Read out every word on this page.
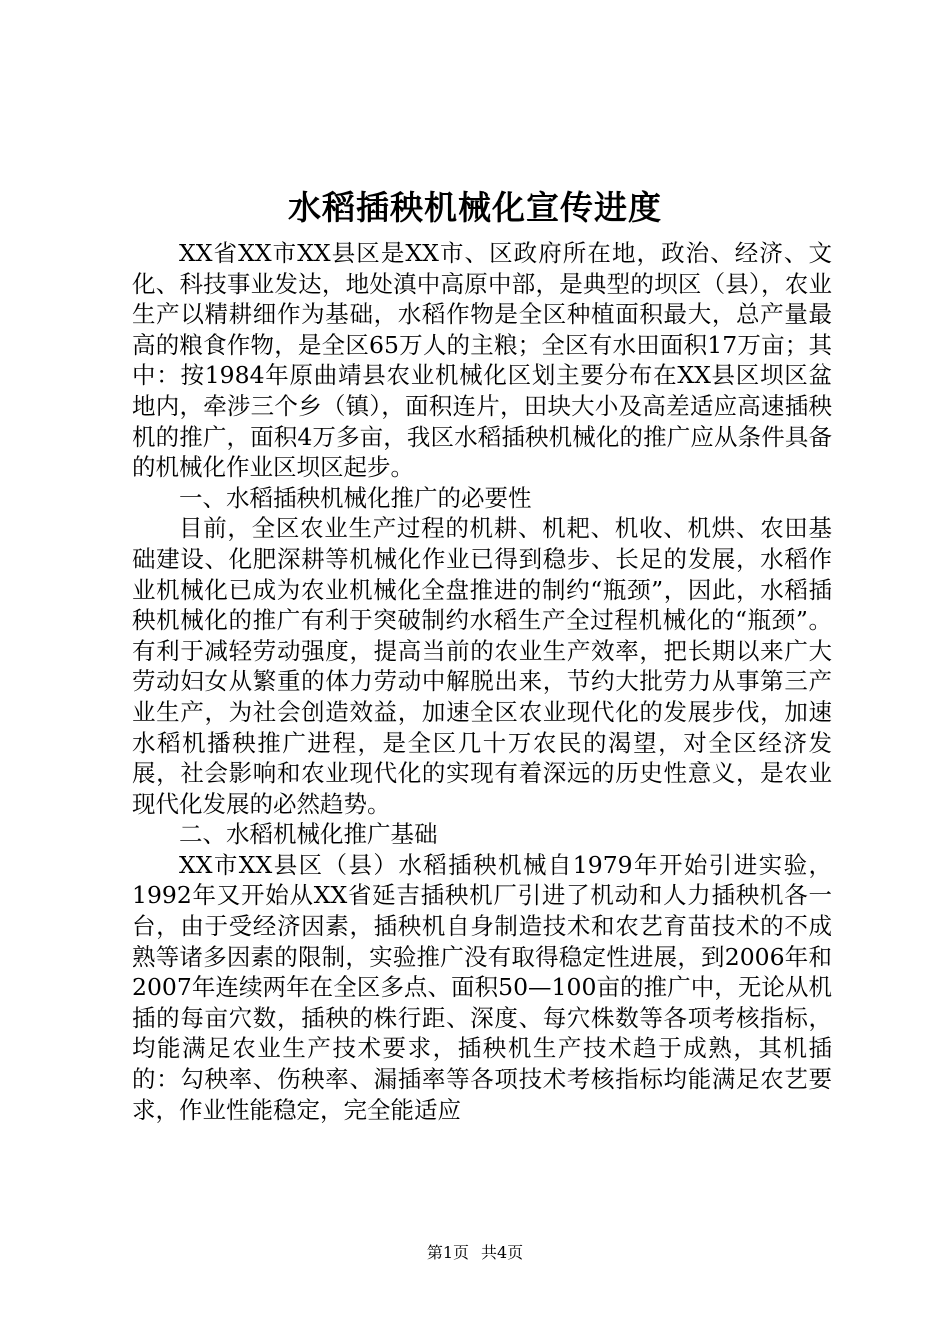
水稻插秧机械化宣传进度

XX省XX市XX县区是XX市、区政府所在地，政治、经济、文化、科技事业发达，地处滇中高原中部，是典型的坝区（县），农业生产以精耕细作为基础，水稻作物是全区种植面积最大，总产量最高的粮食作物，是全区65万人的主粮；全区有水田面积17万亩；其中：按1984年原曲靖县农业机械化区划主要分布在XX县区坝区盆地内，牵涉三个乡（镇），面积连片，田块大小及高差适应高速插秧机的推广，面积4万多亩，我区水稻插秧机械化的推广应从条件具备的机械化作业区坝区起步。

一、水稻插秧机械化推广的必要性

目前，全区农业生产过程的机耕、机耙、机收、机烘、农田基础建设、化肥深耕等机械化作业已得到稳步、长足的发展，水稻作业机械化已成为农业机械化全盘推进的制约“瓶颈”，因此，水稻插秧机械化的推广有利于突破制约水稻生产全过程机械化的“瓶颈”。有利于减轻劳动强度，提高当前的农业生产效率，把长期以来广大劳动妇女从繁重的体力劳动中解脱出来，节约大批劳力从事第三产业生产，为社会创造效益，加速全区农业现代化的发展步伐，加速水稻机播秧推广进程，是全区几十万农民的渴望，对全区经济发展，社会影响和农业现代化的实现有着深远的历史性意义，是农业现代化发展的必然趋势。

二、水稻机械化推广基础

XX市XX县区（县）水稻插秧机械自1979年开始引进实验，1992年又开始从XX省延吉插秧机厂引进了机动和人力插秧机各一台，由于受经济因素，插秧机自身制造技术和农艺育苗技术的不成熟等诸多因素的限制，实验推广没有取得稳定性进展，到2006年和2007年连续两年在全区多点、面积50—100亩的推广中，无论从机插的每亩穴数，插秧的株行距、深度、每穴株数等各项考核指标，均能满足农业生产技术要求，插秧机生产技术趋于成熟，其机插的：勾秧率、伤秧率、漏插率等各项技术考核指标均能满足农艺要求，作业性能稳定，完全能适应

第1页 共4页
